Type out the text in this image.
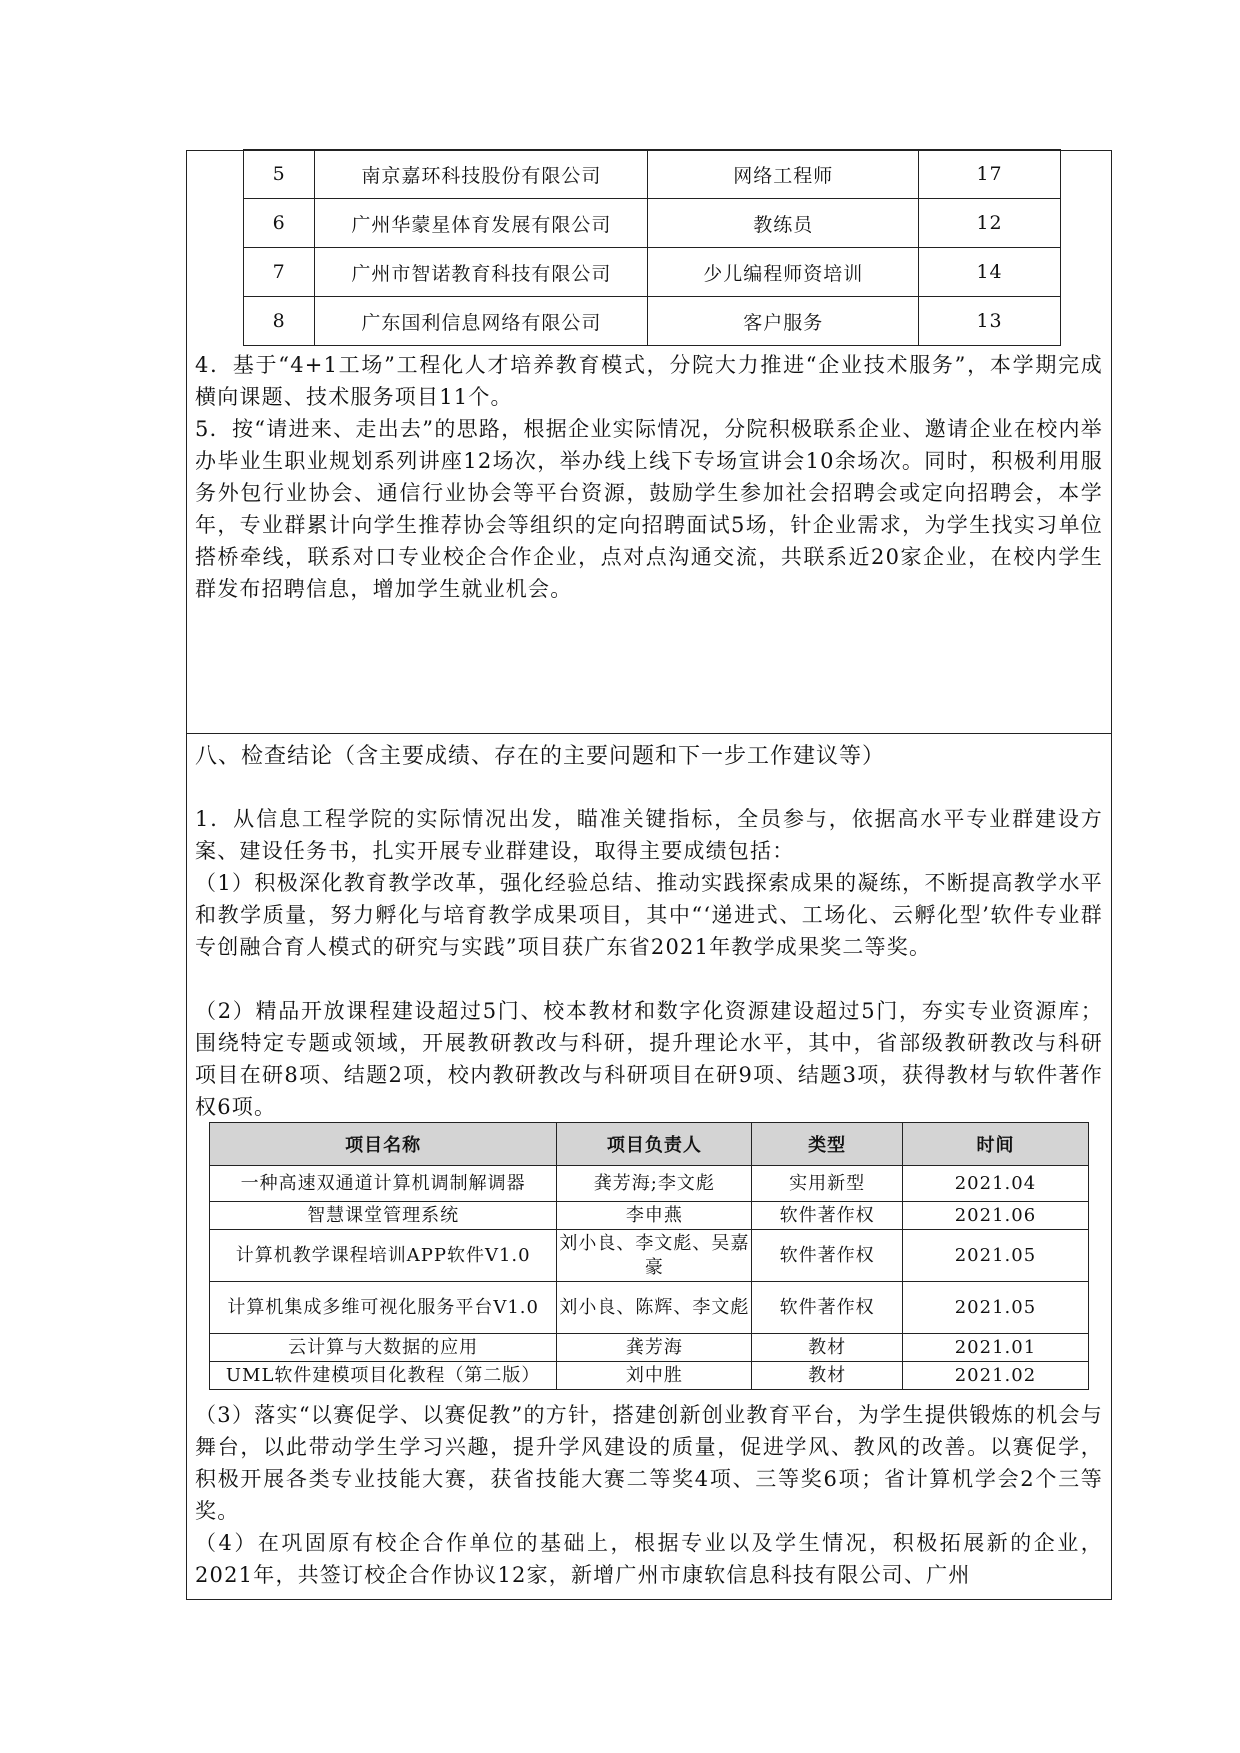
5	南京嘉环科技股份有限公司	网络工程师	17
6	广州华蒙星体育发展有限公司	教练员	12
7	广州市智诺教育科技有限公司	少儿编程师资培训	14
8	广东国利信息网络有限公司	客户服务	13

4．基于“4+1工场”工程化人才培养教育模式，分院大力推进“企业技术服务”，本学期完成横向课题、技术服务项目11个。

5．按“请进来、走出去”的思路，根据企业实际情况，分院积极联系企业、邀请企业在校内举办毕业生职业规划系列讲座12场次，举办线上线下专场宣讲会10余场次。同时，积极利用服务外包行业协会、通信行业协会等平台资源，鼓励学生参加社会招聘会或定向招聘会，本学年，专业群累计向学生推荐协会等组织的定向招聘面试5场，针企业需求，为学生找实习单位搭桥牵线，联系对口专业校企合作企业，点对点沟通交流，共联系近20家企业，在校内学生群发布招聘信息，增加学生就业机会。

八、检查结论（含主要成绩、存在的主要问题和下一步工作建议等）

1．从信息工程学院的实际情况出发，瞄准关键指标，全员参与，依据高水平专业群建设方案、建设任务书，扎实开展专业群建设，取得主要成绩包括：

（1）积极深化教育教学改革，强化经验总结、推动实践探索成果的凝练，不断提高教学水平和教学质量，努力孵化与培育教学成果项目，其中“‘递进式、工场化、云孵化型’软件专业群专创融合育人模式的研究与实践”项目获广东省2021年教学成果奖二等奖。

（2）精品开放课程建设超过5门、校本教材和数字化资源建设超过5门，夯实专业资源库；围绕特定专题或领域，开展教研教改与科研，提升理论水平，其中，省部级教研教改与科研项目在研8项、结题2项，校内教研教改与科研项目在研9项、结题3项，获得教材与软件著作权6项。

项目名称	项目负责人	类型	时间
一种高速双通道计算机调制解调器	龚芳海;李文彪	实用新型	2021.04
智慧课堂管理系统	李申燕	软件著作权	2021.06
计算机教学课程培训APP软件V1.0	刘小良、李文彪、吴嘉豪	软件著作权	2021.05
计算机集成多维可视化服务平台V1.0	刘小良、陈辉、李文彪	软件著作权	2021.05
云计算与大数据的应用	龚芳海	教材	2021.01
UML软件建模项目化教程（第二版）	刘中胜	教材	2021.02

（3）落实“以赛促学、以赛促教”的方针，搭建创新创业教育平台，为学生提供锻炼的机会与舞台，以此带动学生学习兴趣，提升学风建设的质量，促进学风、教风的改善。以赛促学，积极开展各类专业技能大赛，获省技能大赛二等奖4项、三等奖6项；省计算机学会2个三等奖。

（4）在巩固原有校企合作单位的基础上，根据专业以及学生情况，积极拓展新的企业，2021年，共签订校企合作协议12家，新增广州市康软信息科技有限公司、广州
